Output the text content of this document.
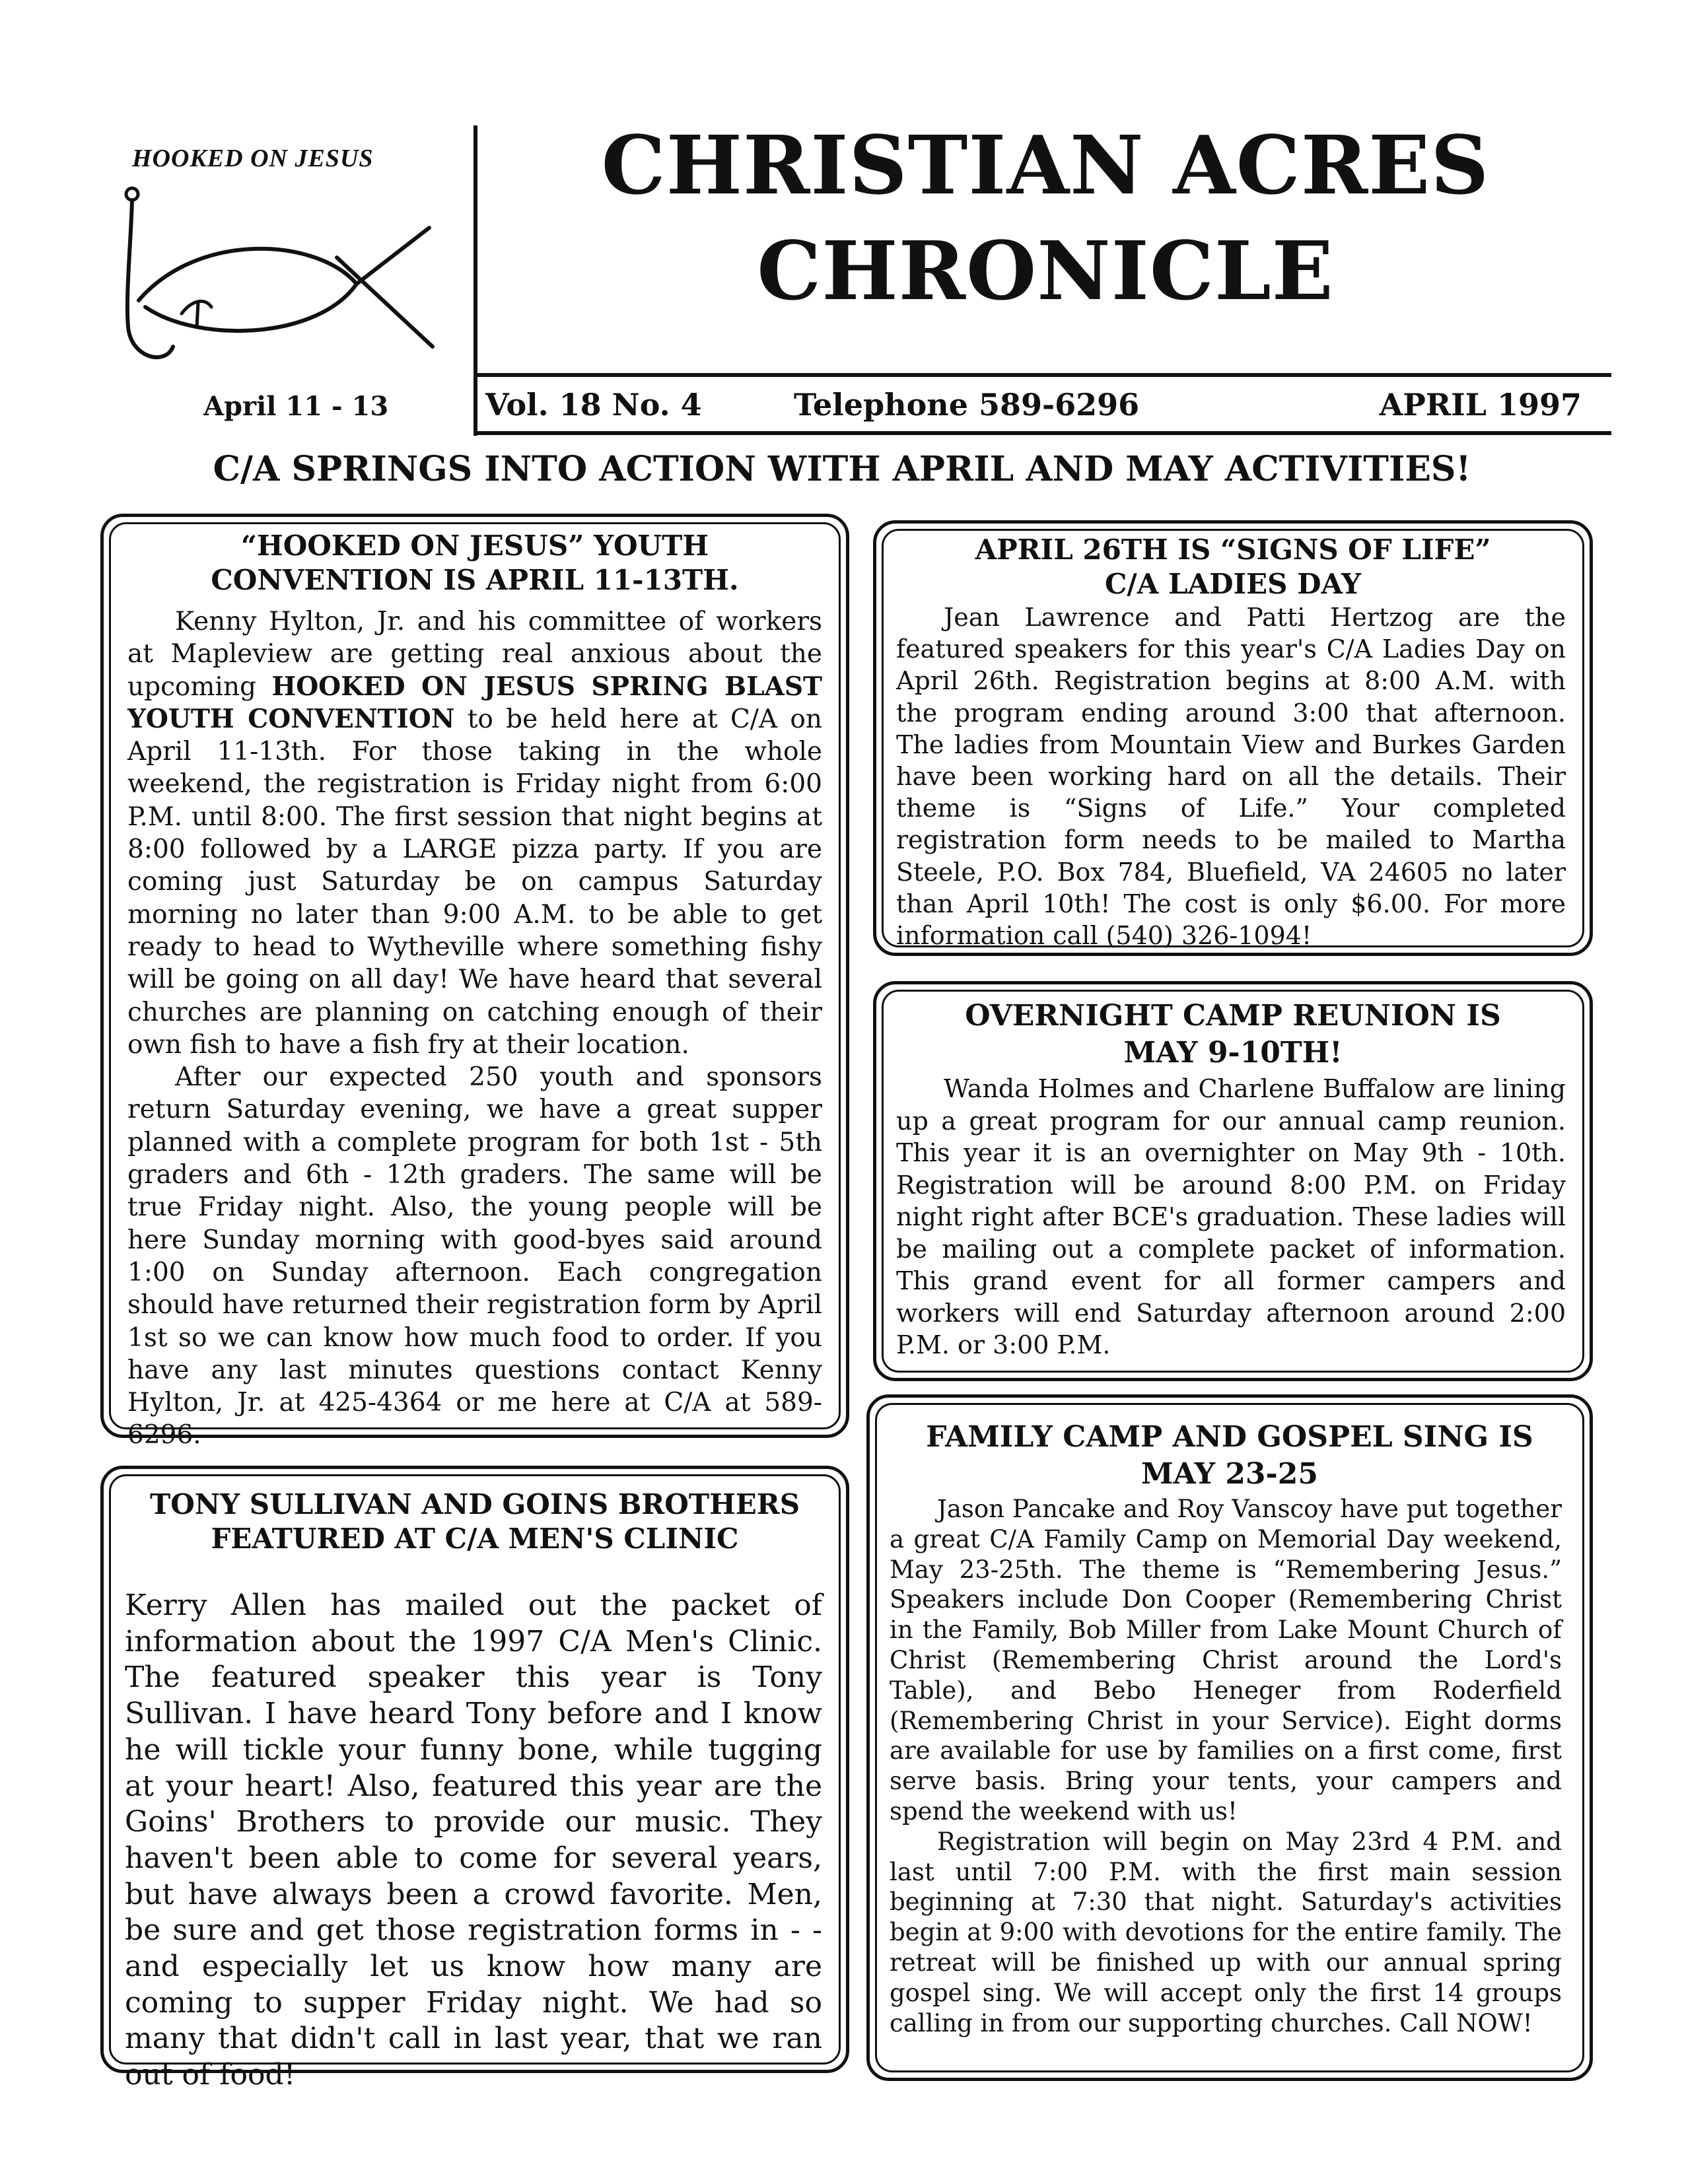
HOOKED ON JESUS
April 11 - 13
CHRISTIAN ACRES
CHRONICLE
Vol. 18 No. 4	Telephone 589-6296	APRIL 1997
C/A SPRINGS INTO ACTION WITH APRIL AND MAY ACTIVITIES!
“HOOKED ON JESUS” YOUTH
CONVENTION IS APRIL 11-13TH.

Kenny Hylton, Jr. and his committee of workers at Mapleview are getting real anxious about the upcoming HOOKED ON JESUS SPRING BLAST YOUTH CONVENTION to be held here at C/A on April 11-13th. For those taking in the whole weekend, the registration is Friday night from 6:00 P.M. until 8:00. The first session that night begins at 8:00 followed by a LARGE pizza party. If you are coming just Saturday be on campus Saturday morning no later than 9:00 A.M. to be able to get ready to head to Wytheville where something fishy will be going on all day! We have heard that several churches are planning on catching enough of their own fish to have a fish fry at their location.

After our expected 250 youth and sponsors return Saturday evening, we have a great supper planned with a complete program for both 1st - 5th graders and 6th - 12th graders. The same will be true Friday night. Also, the young people will be here Sunday morning with good-byes said around 1:00 on Sunday afternoon. Each congregation should have returned their registration form by April 1st so we can know how much food to order. If you have any last minutes questions contact Kenny Hylton, Jr. at 425-4364 or me here at C/A at 589-6296.

TONY SULLIVAN AND GOINS BROTHERS
FEATURED AT C/A MEN'S CLINIC

Kerry Allen has mailed out the packet of information about the 1997 C/A Men's Clinic. The featured speaker this year is Tony Sullivan. I have heard Tony before and I know he will tickle your funny bone, while tugging at your heart! Also, featured this year are the Goins' Brothers to provide our music. They haven't been able to come for several years, but have always been a crowd favorite. Men, be sure and get those registration forms in - - and especially let us know how many are coming to supper Friday night. We had so many that didn't call in last year, that we ran out of food!

APRIL 26TH IS “SIGNS OF LIFE”
C/A LADIES DAY

Jean Lawrence and Patti Hertzog are the featured speakers for this year's C/A Ladies Day on April 26th. Registration begins at 8:00 A.M. with the program ending around 3:00 that afternoon. The ladies from Mountain View and Burkes Garden have been working hard on all the details. Their theme is “Signs of Life.” Your completed registration form needs to be mailed to Martha Steele, P.O. Box 784, Bluefield, VA 24605 no later than April 10th! The cost is only $6.00. For more information call (540) 326-1094!

OVERNIGHT CAMP REUNION IS
MAY 9-10TH!

Wanda Holmes and Charlene Buffalow are lining up a great program for our annual camp reunion. This year it is an overnighter on May 9th - 10th. Registration will be around 8:00 P.M. on Friday night right after BCE's graduation. These ladies will be mailing out a complete packet of information. This grand event for all former campers and workers will end Saturday afternoon around 2:00 P.M. or 3:00 P.M.

FAMILY CAMP AND GOSPEL SING IS
MAY 23-25

Jason Pancake and Roy Vanscoy have put together a great C/A Family Camp on Memorial Day weekend, May 23-25th. The theme is “Remembering Jesus.” Speakers include Don Cooper (Remembering Christ in the Family, Bob Miller from Lake Mount Church of Christ (Remembering Christ around the Lord's Table), and Bebo Heneger from Roderfield (Remembering Christ in your Service). Eight dorms are available for use by families on a first come, first serve basis. Bring your tents, your campers and spend the weekend with us!

Registration will begin on May 23rd 4 P.M. and last until 7:00 P.M. with the first main session beginning at 7:30 that night. Saturday's activities begin at 9:00 with devotions for the entire family. The retreat will be finished up with our annual spring gospel sing. We will accept only the first 14 groups calling in from our supporting churches. Call NOW!
